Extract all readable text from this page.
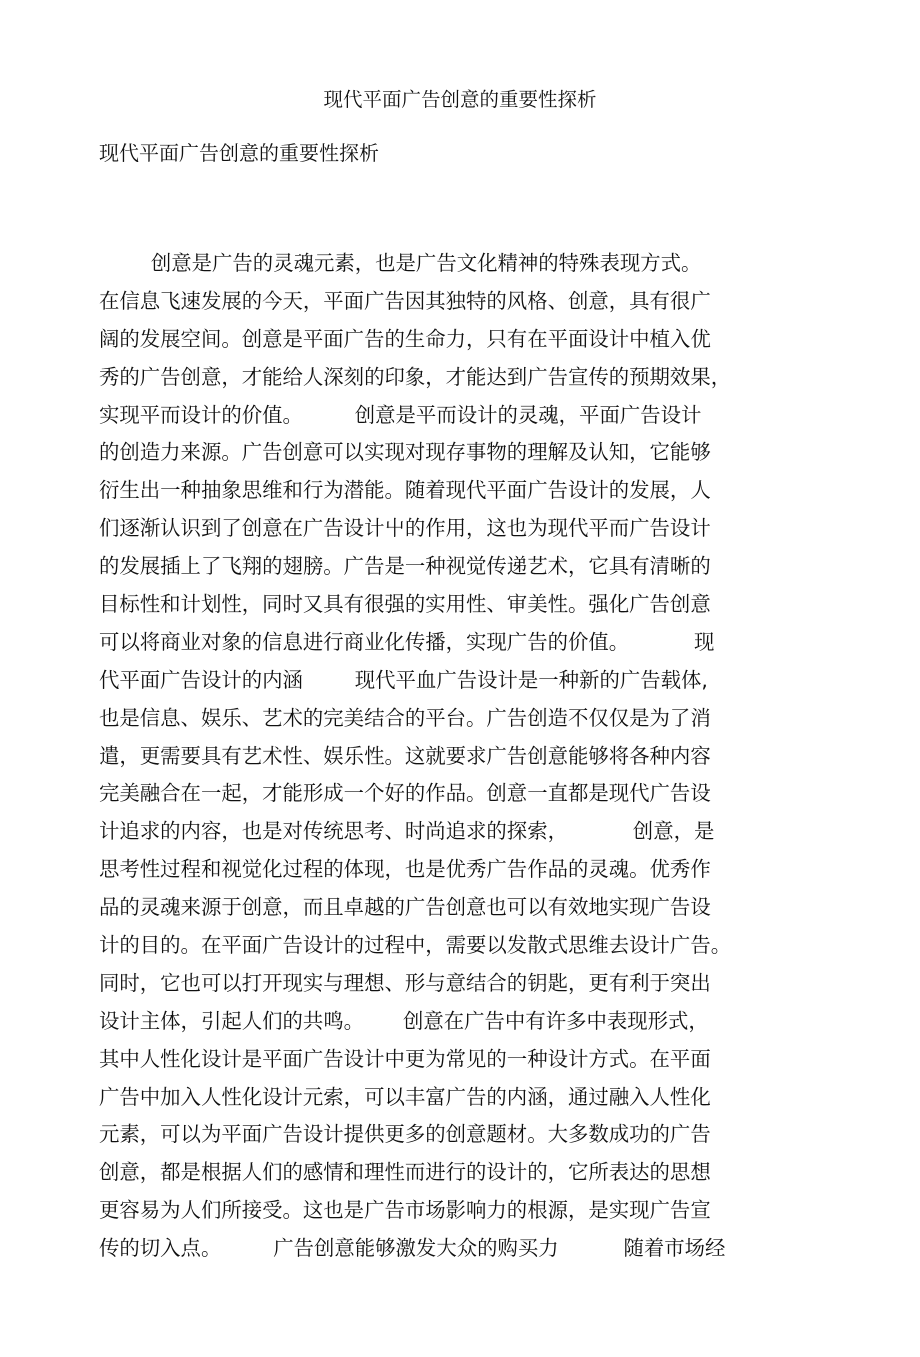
现代平面广告创意的重要性探析
现代平面广告创意的重要性探析
创意是广告的灵魂元素，也是广告文化精神的特殊表现方式。
在信息飞速发展的今天，平面广告因其独特的风格、创意，具有很广
阔的发展空间。创意是平面广告的生命力，只有在平面设计中植入优
秀的广告创意，才能给人深刻的印象，才能达到广告宣传的预期效果，
实现平而设计的价值。        创意是平而设计的灵魂，平面广告设计
的创造力来源。广告创意可以实现对现存事物的理解及认知，它能够
衍生出一种抽象思维和行为潜能。随着现代平面广告设计的发展，人
们逐渐认识到了创意在广告设计屮的作用，这也为现代平而广告设计
的发展插上了飞翔的翅膀。广告是一种视觉传递艺术，它具有清晰的
目标性和计划性，同时又具有很强的实用性、审美性。强化广告创意
可以将商业对象的信息进行商业化传播，实现广告的价值。          现
代平面广告设计的内涵        现代平血广告设计是一种新的广告载体,
也是信息、娱乐、艺术的完美结合的平台。广告创造不仅仅是为了消
遣，更需要具有艺术性、娱乐性。这就要求广告创意能够将各种内容
完美融合在一起，才能形成一个好的作品。创意一直都是现代广告设
计追求的内容，也是对传统思考、时尚追求的探索，          创意，是
思考性过程和视觉化过程的体现，也是优秀广告作品的灵魂。优秀作
品的灵魂来源于创意，而且卓越的广告创意也可以有效地实现广告设
计的目的。在平面广告设计的过程中，需要以发散式思维去设计广告。
同时，它也可以打开现实与理想、形与意结合的钥匙，更有利于突出
设计主体，引起人们的共鸣。      创意在广告中有许多中表现形式，
其中人性化设计是平面广告设计中更为常见的一种设计方式。在平面
广告中加入人性化设计元索，可以丰富广告的内涵，通过融入人性化
元素，可以为平面广告设计提供更多的创意题材。大多数成功的广告
创意，都是根据人们的感情和理性而进行的设计的，它所表达的思想
更容易为人们所接受。这也是广告市场影响力的根源，是实现广告宣
传的切入点。        广告创意能够激发大众的购买力          随着市场经
